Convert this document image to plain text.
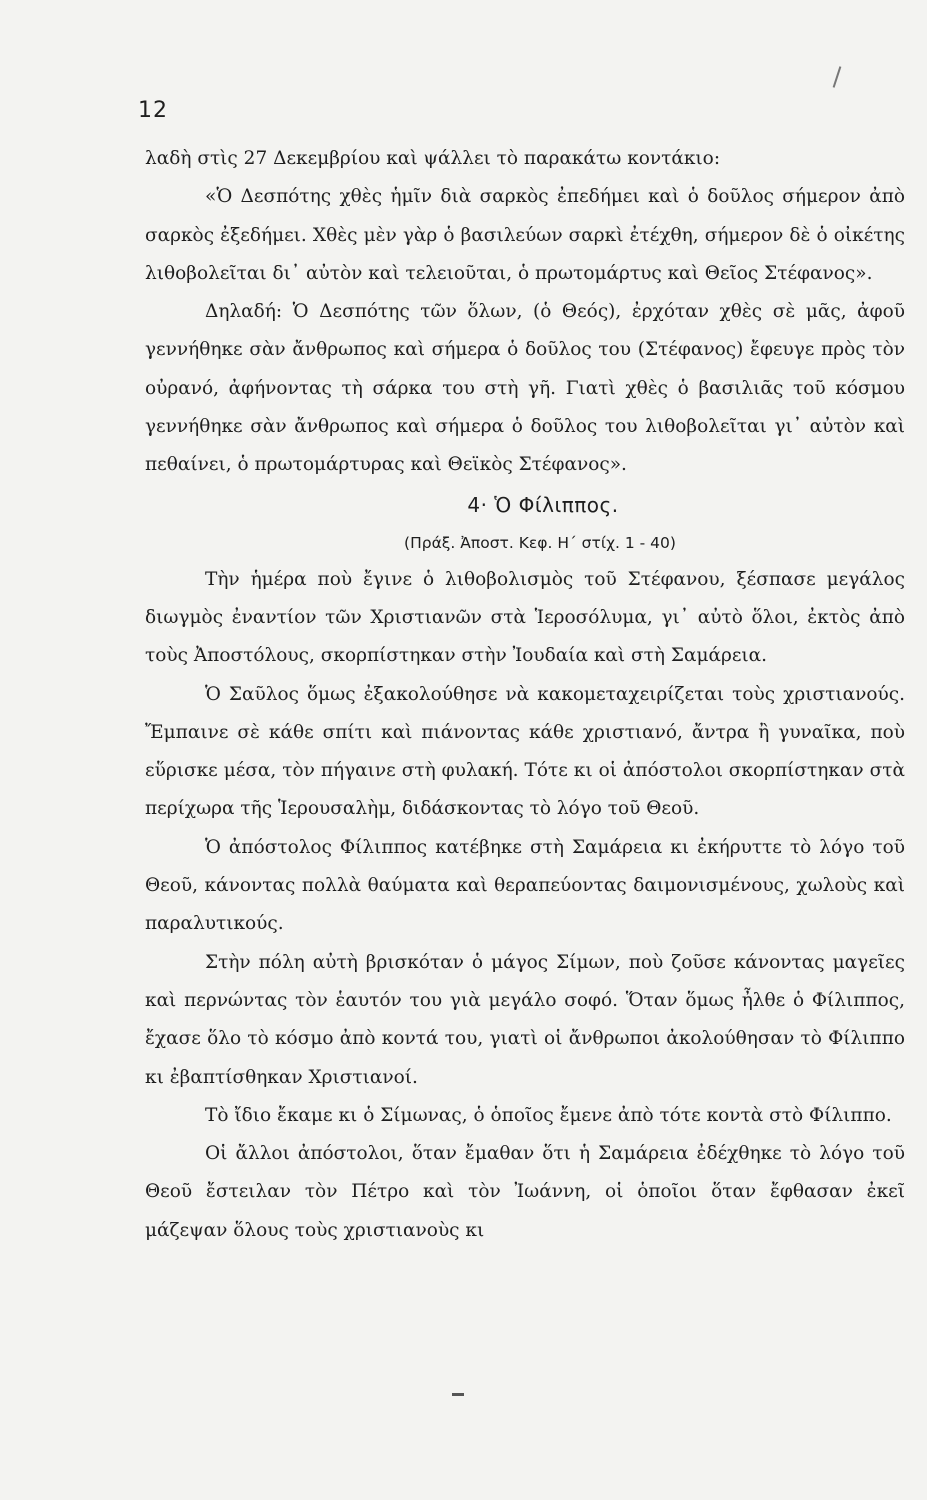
12

λαδὴ στὶς 27 Δεκεμβρίου καὶ ψάλλει τὸ παρακάτω κοντάκιο:

«Ὁ Δεσπότης χθὲς ἡμῖν διὰ σαρκὸς ἐπεδήμει καὶ ὁ δοῦλος σήμερον ἀπὸ σαρκὸς ἐξεδήμει. Χθὲς μὲν γὰρ ὁ βασιλεύων σαρκὶ ἐτέχθη, σήμερον δὲ ὁ οἰκέτης λιθοβολεῖται δι᾿ αὐτὸν καὶ τελειοῦται, ὁ πρωτομάρτυς καὶ Θεῖος Στέφανος».

Δηλαδή: Ὁ Δεσπότης τῶν ὅλων, (ὁ Θεός), ἐρχόταν χθὲς σὲ μᾶς, ἀφοῦ γεννήθηκε σὰν ἄνθρωπος καὶ σήμερα ὁ δοῦλος του (Στέφανος) ἔφευγε πρὸς τὸν οὐρανό, ἀφήνοντας τὴ σάρκα του στὴ γῆ. Γιατὶ χθὲς ὁ βασιλιᾶς τοῦ κόσμου γεννήθηκε σὰν ἄνθρωπος καὶ σήμερα ὁ δοῦλος του λιθοβολεῖται γι᾿ αὐτὸν καὶ πεθαίνει, ὁ πρωτομάρτυρας καὶ Θεϊκὸς Στέφανος».

4· Ὁ Φίλιππος.

(Πράξ. Ἀποστ. Κεφ. Η΄ στίχ. 1 - 40)

Τὴν ἡμέρα ποὺ ἔγινε ὁ λιθοβολισμὸς τοῦ Στέφανου, ξέσπασε μεγάλος διωγμὸς ἐναντίον τῶν Χριστιανῶν στὰ Ἱεροσόλυμα, γι᾿ αὐτὸ ὅλοι, ἐκτὸς ἀπὸ τοὺς Ἀποστόλους, σκορπίστηκαν στὴν Ἰουδαία καὶ στὴ Σαμάρεια.

Ὁ Σαῦλος ὅμως ἐξακολούθησε νὰ κακομεταχειρίζεται τοὺς χριστιανούς. Ἔμπαινε σὲ κάθε σπίτι καὶ πιάνοντας κάθε χριστιανό, ἄντρα ἢ γυναῖκα, ποὺ εὕρισκε μέσα, τὸν πήγαινε στὴ φυλακή. Τότε κι οἱ ἀπόστολοι σκορπίστηκαν στὰ περίχωρα τῆς Ἱερουσαλὴμ, διδάσκοντας τὸ λόγο τοῦ Θεοῦ.

Ὁ ἀπόστολος Φίλιππος κατέβηκε στὴ Σαμάρεια κι ἐκήρυττε τὸ λόγο τοῦ Θεοῦ, κάνοντας πολλὰ θαύματα καὶ θεραπεύοντας δαιμονισμένους, χωλοὺς καὶ παραλυτικούς.

Στὴν πόλη αὐτὴ βρισκόταν ὁ μάγος Σίμων, ποὺ ζοῦσε κάνοντας μαγεῖες καὶ περνώντας τὸν ἑαυτόν του γιὰ μεγάλο σοφό. Ὅταν ὅμως ἦλθε ὁ Φίλιππος, ἔχασε ὅλο τὸ κόσμο ἀπὸ κοντά του, γιατὶ οἱ ἄνθρωποι ἀκολούθησαν τὸ Φίλιππο κι ἐβαπτίσθηκαν Χριστιανοί.

Τὸ ἴδιο ἔκαμε κι ὁ Σίμωνας, ὁ ὁποῖος ἔμενε ἀπὸ τότε κοντὰ στὸ Φίλιππο.

Οἱ ἄλλοι ἀπόστολοι, ὅταν ἔμαθαν ὅτι ἡ Σαμάρεια ἐδέχθηκε τὸ λόγο τοῦ Θεοῦ ἔστειλαν τὸν Πέτρο καὶ τὸν Ἰωάννη, οἱ ὁποῖοι ὅταν ἔφθασαν ἐκεῖ μάζεψαν ὅλους τοὺς χριστιανοὺς κι
